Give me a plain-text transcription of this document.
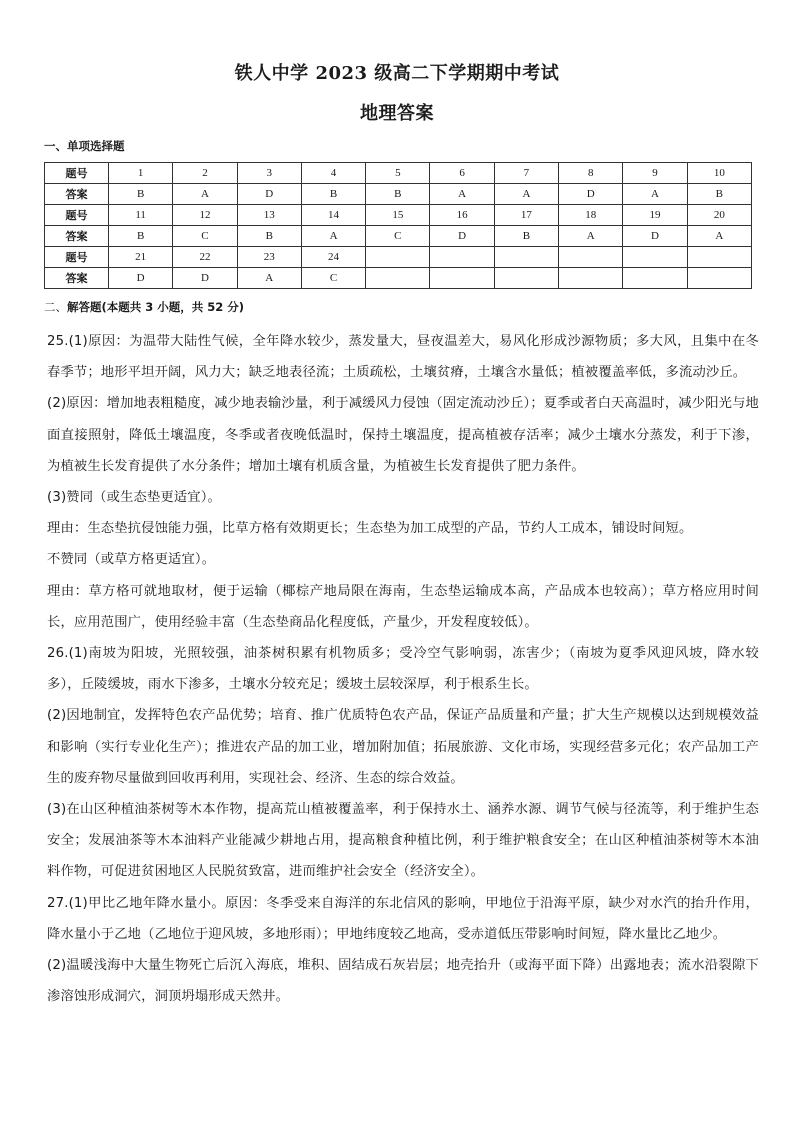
铁人中学 2023 级高二下学期期中考试
地理答案
一、单项选择题
题号	1	2	3	4	5	6	7	8	9	10
答案	B	A	D	B	B	A	A	D	A	B
题号	11	12	13	14	15	16	17	18	19	20
答案	B	C	B	A	C	D	B	A	D	A
题号	21	22	23	24						
答案	D	D	A	C						
二、解答题(本题共 3 小题，共 52 分)

25.(1)原因：为温带大陆性气候，全年降水较少，蒸发量大，昼夜温差大，易风化形成沙源物质；多大风，且集中在冬春季节；地形平坦开阔，风力大；缺乏地表径流；土质疏松，土壤贫瘠，土壤含水量低；植被覆盖率低，多流动沙丘。

(2)原因：增加地表粗糙度，减少地表输沙量，利于减缓风力侵蚀（固定流动沙丘）；夏季或者白天高温时，减少阳光与地面直接照射，降低土壤温度，冬季或者夜晚低温时，保持土壤温度，提高植被存活率；减少土壤水分蒸发，利于下渗，为植被生长发育提供了水分条件；增加土壤有机质含量，为植被生长发育提供了肥力条件。

(3)赞同（或生态垫更适宜）。

理由：生态垫抗侵蚀能力强，比草方格有效期更长；生态垫为加工成型的产品，节约人工成本，铺设时间短。

不赞同（或草方格更适宜）。

理由：草方格可就地取材，便于运输（椰棕产地局限在海南，生态垫运输成本高，产品成本也较高）；草方格应用时间长，应用范围广，使用经验丰富（生态垫商品化程度低，产量少，开发程度较低）。

26.(1)南坡为阳坡，光照较强，油茶树积累有机物质多；受冷空气影响弱，冻害少；（南坡为夏季风迎风坡，降水较多），丘陵缓坡，雨水下渗多，土壤水分较充足；缓坡土层较深厚，利于根系生长。

(2)因地制宜，发挥特色农产品优势；培育、推广优质特色农产品，保证产品质量和产量；扩大生产规模以达到规模效益和影响（实行专业化生产）；推进农产品的加工业，增加附加值；拓展旅游、文化市场，实现经营多元化；农产品加工产生的废弃物尽量做到回收再利用，实现社会、经济、生态的综合效益。

(3)在山区种植油茶树等木本作物，提高荒山植被覆盖率，利于保持水土、涵养水源、调节气候与径流等，利于维护生态安全；发展油茶等木本油料产业能减少耕地占用，提高粮食种植比例，利于维护粮食安全；在山区种植油茶树等木本油料作物，可促进贫困地区人民脱贫致富，进而维护社会安全（经济安全）。

27.(1)甲比乙地年降水量小。原因：冬季受来自海洋的东北信风的影响，甲地位于沿海平原，缺少对水汽的抬升作用，降水量小于乙地（乙地位于迎风坡，多地形雨）；甲地纬度较乙地高，受赤道低压带影响时间短，降水量比乙地少。

(2)温暖浅海中大量生物死亡后沉入海底，堆积、固结成石灰岩层；地壳抬升（或海平面下降）出露地表；流水沿裂隙下渗溶蚀形成洞穴，洞顶坍塌形成天然井。
